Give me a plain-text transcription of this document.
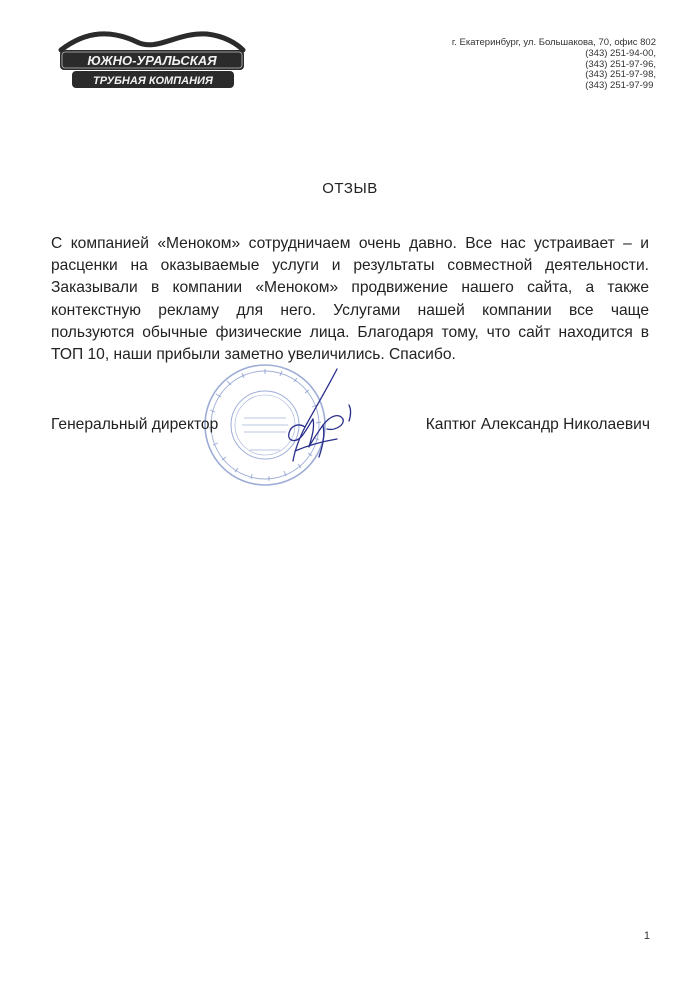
ЮЖНО-УРАЛЬСКАЯ
ТРУБНАЯ КОМПАНИЯ
г. Екатеринбург, ул. Большакова, 70, офис 802
(343) 251-94-00,
(343) 251-97-96,
(343) 251-97-98,
(343) 251-97-99
ОТЗЫВ

С компанией «Меноком» сотрудничаем очень давно. Все нас устраивает – и
расценки на оказываемые услуги и результаты совместной деятельности.
Заказывали в компании «Меноком» продвижение нашего сайта, а также
контекстную рекламу для него. Услугами нашей компании все чаще
пользуются обычные физические лица. Благодаря тому, что сайт находится в
ТОП 10, наши прибыли заметно увеличились. Спасибо.

Генеральный директор	Каптюг Александр Николаевич
1
